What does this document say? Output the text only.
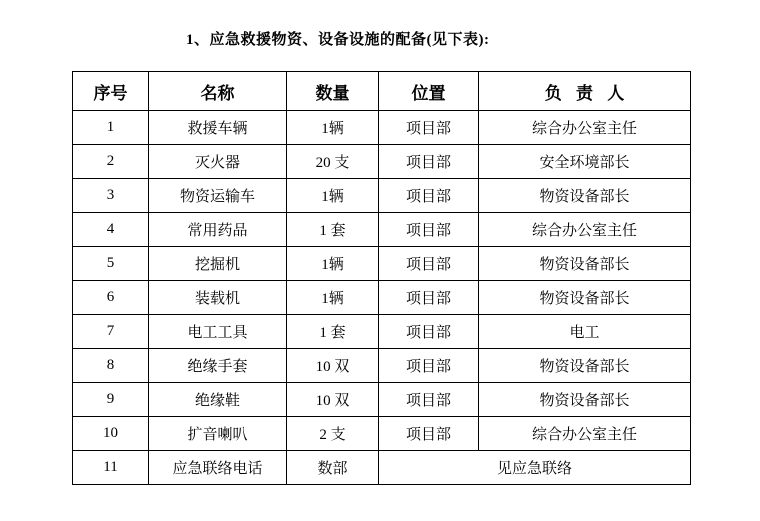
1、应急救援物资、设备设施的配备(见下表):

序号	名称	数量	位置	负 责 人
1	救援车辆	1辆	项目部	综合办公室主任
2	灭火器	20 支	项目部	安全环境部长
3	物资运输车	1辆	项目部	物资设备部长
4	常用药品	1 套	项目部	综合办公室主任
5	挖掘机	1辆	项目部	物资设备部长
6	装载机	1辆	项目部	物资设备部长
7	电工工具	1 套	项目部	电工
8	绝缘手套	10 双	项目部	物资设备部长
9	绝缘鞋	10 双	项目部	物资设备部长
10	扩音喇叭	2 支	项目部	综合办公室主任
11	应急联络电话	数部	见应急联络	
